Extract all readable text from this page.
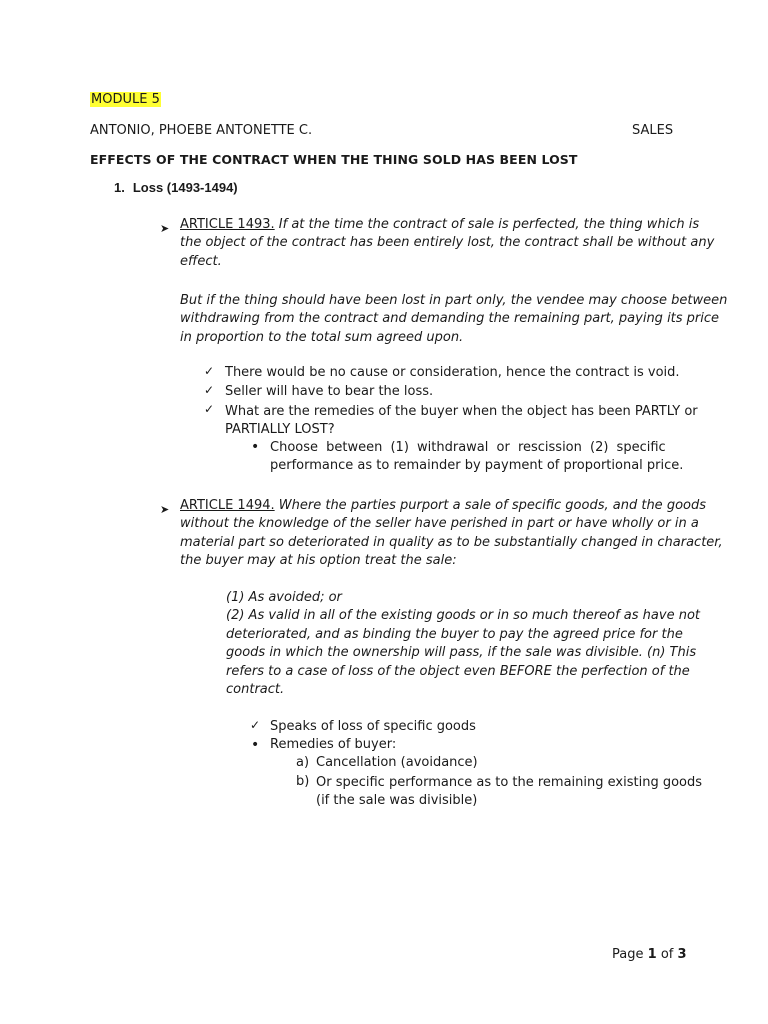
MODULE 5
ANTONIO, PHOEBE ANTONETTE C.	SALES
EFFECTS OF THE CONTRACT WHEN THE THING SOLD HAS BEEN LOST
1. Loss (1493-1494)
➤ ARTICLE 1493. If at the time the contract of sale is perfected, the thing which is
the object of the contract has been entirely lost, the contract shall be without any
effect.
But if the thing should have been lost in part only, the vendee may choose between
withdrawing from the contract and demanding the remaining part, paying its price
in proportion to the total sum agreed upon.
✓ There would be no cause or consideration, hence the contract is void.
✓ Seller will have to bear the loss.
✓ What are the remedies of the buyer when the object has been PARTLY or
PARTIALLY LOST?
• Choose between (1) withdrawal or rescission (2) specific
performance as to remainder by payment of proportional price.
➤ ARTICLE 1494. Where the parties purport a sale of specific goods, and the goods
without the knowledge of the seller have perished in part or have wholly or in a
material part so deteriorated in quality as to be substantially changed in character,
the buyer may at his option treat the sale:
(1) As avoided; or
(2) As valid in all of the existing goods or in so much thereof as have not
deteriorated, and as binding the buyer to pay the agreed price for the
goods in which the ownership will pass, if the sale was divisible. (n) This
refers to a case of loss of the object even BEFORE the perfection of the
contract.
✓ Speaks of loss of specific goods
• Remedies of buyer:
a) Cancellation (avoidance)
b) Or specific performance as to the remaining existing goods
(if the sale was divisible)
Page 1 of 3
